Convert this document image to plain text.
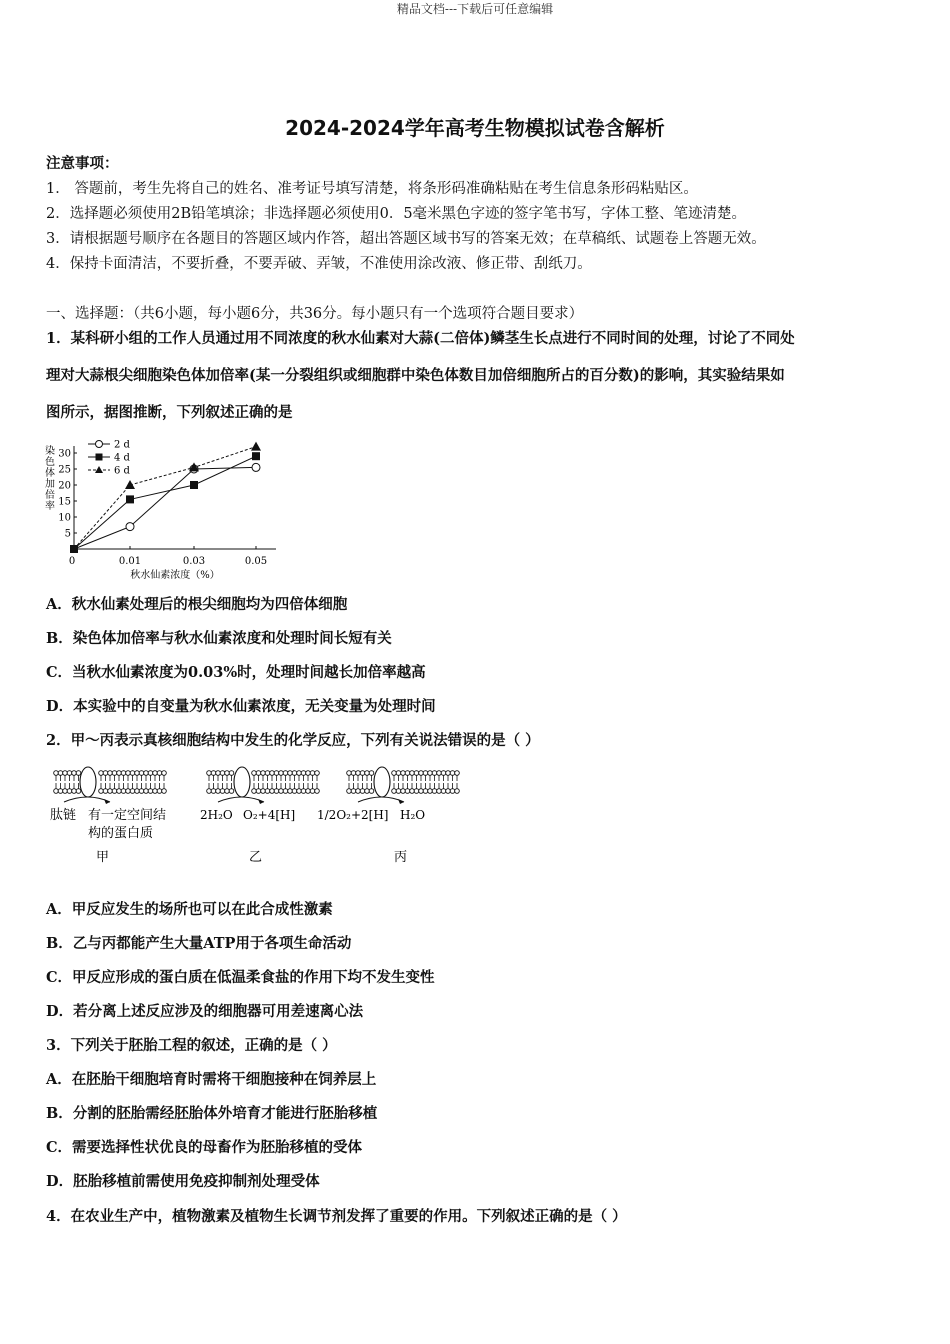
精品文档---下载后可任意编辑
2024-2024学年高考生物模拟试卷含解析
注意事项：
1． 答题前，考生先将自己的姓名、准考证号填写清楚，将条形码准确粘贴在考生信息条形码粘贴区。
2．选择题必须使用2B铅笔填涂；非选择题必须使用0．5毫米黑色字迹的签字笔书写，字体工整、笔迹清楚。
3．请根据题号顺序在各题目的答题区域内作答，超出答题区域书写的答案无效；在草稿纸、试题卷上答题无效。
4．保持卡面清洁，不要折叠，不要弄破、弄皱，不准使用涂改液、修正带、刮纸刀。
一、选择题：（共6小题，每小题6分，共36分。每小题只有一个选项符合题目要求）
1．某科研小组的工作人员通过用不同浓度的秋水仙素对大蒜(二倍体)鳞茎生长点进行不同时间的处理，讨论了不同处
理对大蒜根尖细胞染色体加倍率(某一分裂组织或细胞群中染色体数目加倍细胞所占的百分数)的影响，其实验结果如
图所示，据图推断，下列叙述正确的是
5
10
15
20
25
30
0	0.01	0.03	0.05
秋水仙素浓度（%）
染
色
体
加
倍
率
2 d
4 d
6 d
A．秋水仙素处理后的根尖细胞均为四倍体细胞
B．染色体加倍率与秋水仙素浓度和处理时间长短有关
C．当秋水仙素浓度为0.03%时，处理时间越长加倍率越高
D．本实验中的自变量为秋水仙素浓度，无关变量为处理时间
2．甲～丙表示真核细胞结构中发生的化学反应，下列有关说法错误的是（ ）
肽链 有一定空间结
构的蛋白质
甲
2H₂O O₂+4[H]
乙
1/2O₂+2[H] H₂O
丙
A．甲反应发生的场所也可以在此合成性激素
B．乙与丙都能产生大量ATP用于各项生命活动
C．甲反应形成的蛋白质在低温柔食盐的作用下均不发生变性
D．若分离上述反应涉及的细胞器可用差速离心法
3．下列关于胚胎工程的叙述，正确的是（ ）
A．在胚胎干细胞培育时需将干细胞接种在饲养层上
B．分割的胚胎需经胚胎体外培育才能进行胚胎移植
C．需要选择性状优良的母畜作为胚胎移植的受体
D．胚胎移植前需使用免疫抑制剂处理受体
4．在农业生产中，植物激素及植物生长调节剂发挥了重要的作用。下列叙述正确的是（ ）
